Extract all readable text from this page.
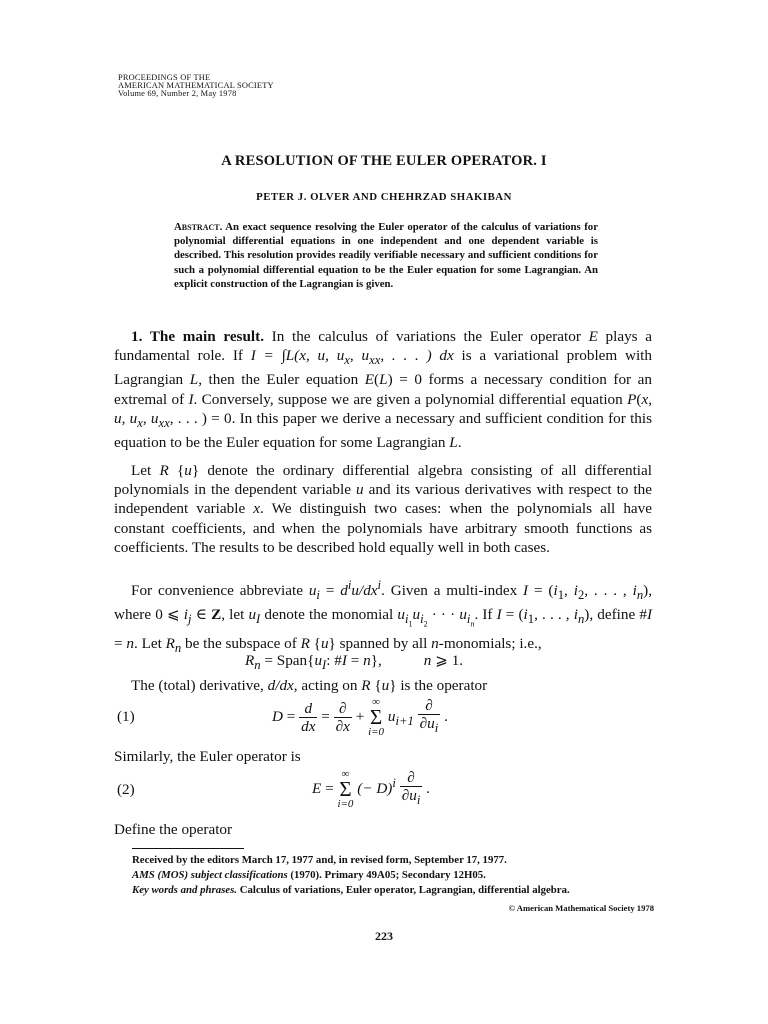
PROCEEDINGS OF THE
AMERICAN MATHEMATICAL SOCIETY
Volume 69, Number 2, May 1978
A RESOLUTION OF THE EULER OPERATOR. I
PETER J. OLVER AND CHEHRZAD SHAKIBAN
Abstract. An exact sequence resolving the Euler operator of the calculus of variations for polynomial differential equations in one independent and one dependent variable is described. This resolution provides readily verifiable necessary and sufficient conditions for such a polynomial differential equation to be the Euler equation for some Lagrangian. An explicit construction of the Lagrangian is given.
1. The main result. In the calculus of variations the Euler operator E plays a fundamental role. If I = ∫L(x, u, $u_x$, $u_{xx}$, . . . ) dx is a variational problem with Lagrangian L, then the Euler equation E(L) = 0 forms a necessary condition for an extremal of I. Conversely, suppose we are given a polynomial differential equation P(x, u, $u_x$, $u_{xx}$, . . . ) = 0. In this paper we derive a necessary and sufficient condition for this equation to be the Euler equation for some Lagrangian L.
Let R {u} denote the ordinary differential algebra consisting of all differential polynomials in the dependent variable u and its various derivatives with respect to the independent variable x. We distinguish two cases: when the polynomials all have constant coefficients, and when the polynomials have arbitrary smooth functions as coefficients. The results to be described hold equally well in both cases.
For convenience abbreviate $u_i = d^iu/dx^i$. Given a multi-index $I = (i_1$, $i_2$, . . . , $i_n$), where 0 ⩽ $i_j$ ∈ Z, let $u_I$ denote the monomial $u_{i_1}u_{i_2}$ · · · $u_{i_n}$. If $I = (i_1$, . . . , $i_n$), define #I = n. Let $R_n$ be the subspace of R {u} spanned by all n-monomials; i.e.,
$R_n$ = $Span\{u_I$: #I = n},	n ⩾ 1.
The (total) derivative, d/dx, acting on R {u} is the operator
(1)	$D = \frac{d}{dx} = \frac{\partial}{\partial x}$ + ∞
Σ
i=0 $u_{i+1} \frac{\partial}{\partial u_i}$ .
Similarly, the Euler operator is
(2)	E = ∞
Σ
i=0 (− $D)^i \frac{\partial}{\partial u_i}$ .
Define the operator
Received by the editors March 17, 1977 and, in revised form, September 17, 1977.
AMS (MOS) subject classifications (1970). Primary 49A05; Secondary 12H05.
Key words and phrases. Calculus of variations, Euler operator, Lagrangian, differential algebra.
© American Mathematical Society 1978
223
